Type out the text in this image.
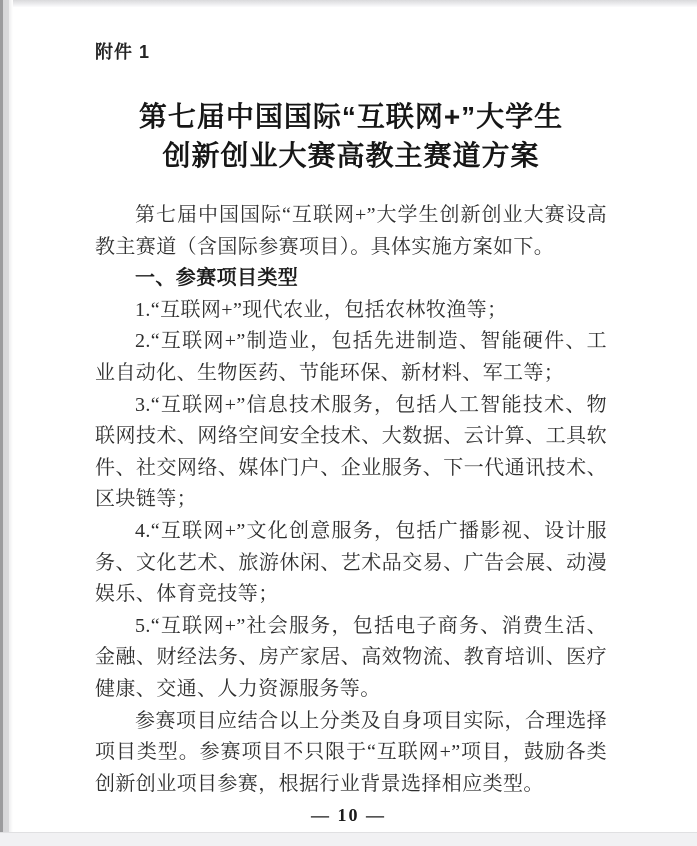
附件 1
第七届中国国际“互联网+”大学生
创新创业大赛高教主赛道方案

第七届中国国际“互联网+”大学生创新创业大赛设高教主赛道（含国际参赛项目）。具体实施方案如下。

一、参赛项目类型

1.“互联网+”现代农业，包括农林牧渔等；

2.“互联网+”制造业，包括先进制造、智能硬件、工业自动化、生物医药、节能环保、新材料、军工等；

3.“互联网+”信息技术服务，包括人工智能技术、物联网技术、网络空间安全技术、大数据、云计算、工具软件、社交网络、媒体门户、企业服务、下一代通讯技术、区块链等；

4.“互联网+”文化创意服务，包括广播影视、设计服务、文化艺术、旅游休闲、艺术品交易、广告会展、动漫娱乐、体育竞技等；

5.“互联网+”社会服务，包括电子商务、消费生活、金融、财经法务、房产家居、高效物流、教育培训、医疗健康、交通、人力资源服务等。

参赛项目应结合以上分类及自身项目实际，合理选择项目类型。参赛项目不只限于“互联网+”项目，鼓励各类创新创业项目参赛，根据行业背景选择相应类型。

— 10 —
